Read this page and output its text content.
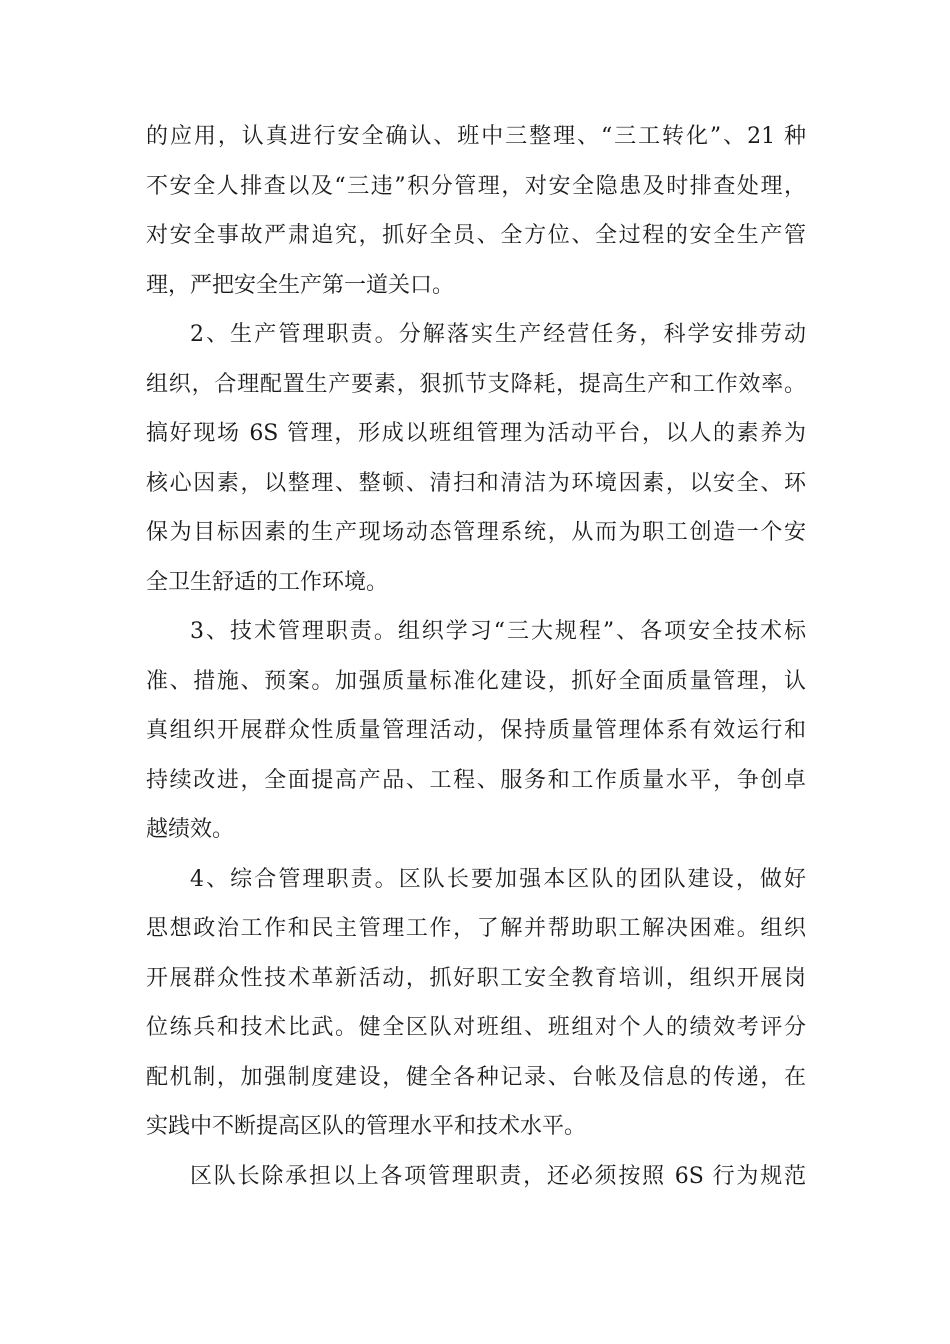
的应用，认真进行安全确认、班中三整理、“三工转化”、21 种
不安全人排查以及“三违”积分管理，对安全隐患及时排查处理，
对安全事故严肃追究，抓好全员、全方位、全过程的安全生产管
理，严把安全生产第一道关口。
2、生产管理职责。分解落实生产经营任务，科学安排劳动
组织，合理配置生产要素，狠抓节支降耗，提高生产和工作效率。
搞好现场 6S 管理，形成以班组管理为活动平台，以人的素养为
核心因素，以整理、整顿、清扫和清洁为环境因素，以安全、环
保为目标因素的生产现场动态管理系统，从而为职工创造一个安
全卫生舒适的工作环境。
3、技术管理职责。组织学习“三大规程”、各项安全技术标
准、措施、预案。加强质量标准化建设，抓好全面质量管理，认
真组织开展群众性质量管理活动，保持质量管理体系有效运行和
持续改进，全面提高产品、工程、服务和工作质量水平，争创卓
越绩效。
4、综合管理职责。区队长要加强本区队的团队建设，做好
思想政治工作和民主管理工作，了解并帮助职工解决困难。组织
开展群众性技术革新活动，抓好职工安全教育培训，组织开展岗
位练兵和技术比武。健全区队对班组、班组对个人的绩效考评分
配机制，加强制度建设，健全各种记录、台帐及信息的传递，在
实践中不断提高区队的管理水平和技术水平。
区队长除承担以上各项管理职责，还必须按照 6S 行为规范
